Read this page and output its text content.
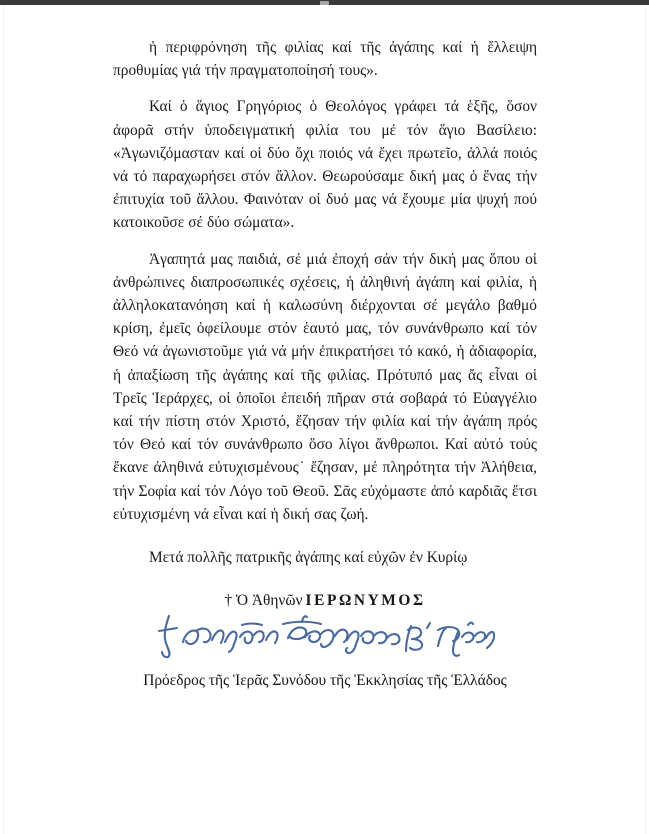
ἡ περιφρόνηση τῆς φιλίας καί τῆς ἀγάπης καί ἡ ἔλλειψη προθυμίας γιά τήν πραγματοποίησή τους».

Καί ὁ ἅγιος Γρηγόριος ὁ Θεολόγος γράφει τά ἑξῆς, ὅσον ἀφορᾶ στήν ὑποδειγματική φιλία του μέ τόν ἅγιο Βασίλειο: «Ἀγωνιζόμασταν καί οἱ δύο ὄχι ποιός νά ἔχει πρωτεῖο, ἀλλά ποιός νά τό παραχωρήσει στόν ἄλλον. Θεωρούσαμε δική μας ὁ ἕνας τήν ἐπιτυχία τοῦ ἄλλου. Φαινόταν οἱ δυό μας νά ἔχουμε μία ψυχή πού κατοικοῦσε σέ δύο σώματα».

Ἀγαπητά μας παιδιά, σέ μιά ἐποχή σάν τήν δική μας ὅπου οἱ ἀνθρώπινες διαπροσωπικές σχέσεις, ἡ ἀληθινή ἀγάπη καί φιλία, ἡ ἀλληλοκατανόηση καί ἡ καλωσύνη διέρχονται σέ μεγάλο βαθμό κρίση, ἐμεῖς ὀφείλουμε στόν ἑαυτό μας, τόν συνάνθρωπο καί τόν Θεό νά ἀγωνιστοῦμε γιά νά μήν ἐπικρατήσει τό κακό, ἡ ἀδιαφορία, ἡ ἀπαξίωση τῆς ἀγάπης καί τῆς φιλίας. Πρότυπό μας ἄς εἶναι οἱ Τρεῖς Ἱεράρχες, οἱ ὁποῖοι ἐπειδή πῆραν στά σοβαρά τό Εὐαγγέλιο καί τήν πίστη στόν Χριστό, ἔζησαν τήν φιλία καί τήν ἀγάπη πρός τόν Θεό καί τόν συνάνθρωπο ὅσο λίγοι ἄνθρωποι. Καί αὐτό τούς ἔκανε ἀληθινά εὐτυχισμένους˙ ἔζησαν, μέ πληρότητα τήν Ἀλήθεια, τήν Σοφία καί τόν Λόγο τοῦ Θεοῦ. Σᾶς εὐχόμαστε ἀπό καρδιᾶς ἔτσι εὐτυχισμένη νά εἶναι καί ἡ δική σας ζωή.

Μετά πολλῆς πατρικῆς ἀγάπης καί εὐχῶν ἐν Κυρίῳ

† Ὁ Ἀθηνῶν ΙΕΡΩΝΥΜΟΣ
Πρόεδρος τῆς Ἱερᾶς Συνόδου τῆς Ἐκκλησίας τῆς Ἑλλάδος
